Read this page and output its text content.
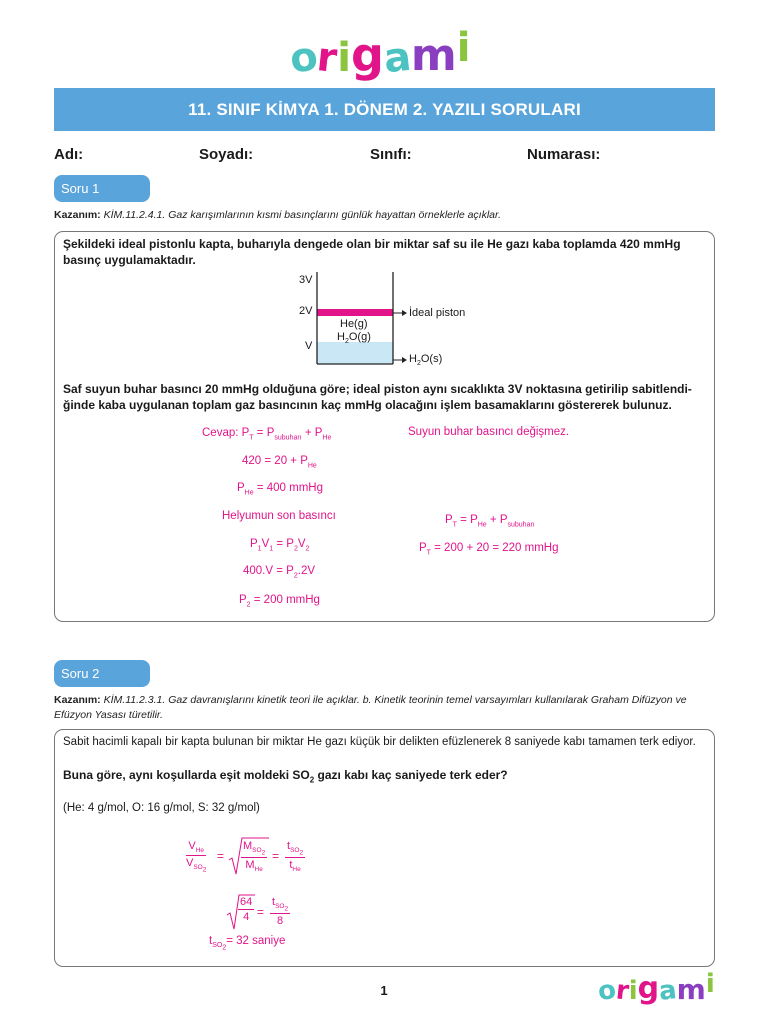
o
r
i g
a
m i
11. SINIF KİMYA 1. DÖNEM 2. YAZILI SORULARI
Adı:	Soyadı:	Sınıfı:	Numarası:
Soru 1
Kazanım: KİM.11.2.4.1. Gaz karışımlarının kısmi basınçlarını günlük hayattan örneklerle açıklar.
Şekildeki ideal pistonlu kapta, buharıyla dengede olan bir miktar saf su ile He gazı kaba toplamda 420 mmHg basınç uygulamaktadır.
3V
2V
V
He(g)
$H_2O(g)$
İdeal piston
$H_2O(s)$
Saf suyun buhar basıncı 20 mmHg olduğuna göre; ideal piston aynı sıcaklıkta 3V noktasına getirilip sabitlendi- ğinde kaba uygulanan toplam gaz basıncının kaç mmHg olacağını işlem basamaklarını göstererek bulunuz.
Cevap: $P_T = P_{subuharı} + P_{He}$
$420 = 20 + P_{He}$
$P_{He} = 400$ mmHg
Helyumun son basıncı
$P_1V_1 = P_2V_2$
$400.V = P_2.2V$
$P_2 = 200$ mmHg
Suyun buhar basıncı değişmez.
$P_T = P_{He} + P_{subuharı}$
$P_T = 200 + 20 = 220$ mmHg
Soru 2
Kazanım: KİM.11.2.3.1. Gaz davranışlarını kinetik teori ile açıklar. b. Kinetik teorinin temel varsayımları kullanılarak Graham Difüzyon ve Efüzyon Yasası türetilir.
Sabit hacimli kapalı bir kapta bulunan bir miktar He gazı küçük bir delikten efüzlenerek 8 saniyede kabı tamamen terk ediyor.
Buna göre, aynı koşullarda eşit moldeki $SO_2$ gazı kabı kaç saniyede terk eder?
(He: 4 g/mol, O: 16 g/mol, S: 32 g/mol)
$V_{He}$
$V_{SO_2}$
=
$M_{SO_2}$
$M_{He}$
=
$t_{SO_2}$
$t_{He}$
$\frac{64}{4}$ =
$t_{SO_2}$
8
$t_{SO_2}= 32$ saniye
1	o
r
i g
a
m i
